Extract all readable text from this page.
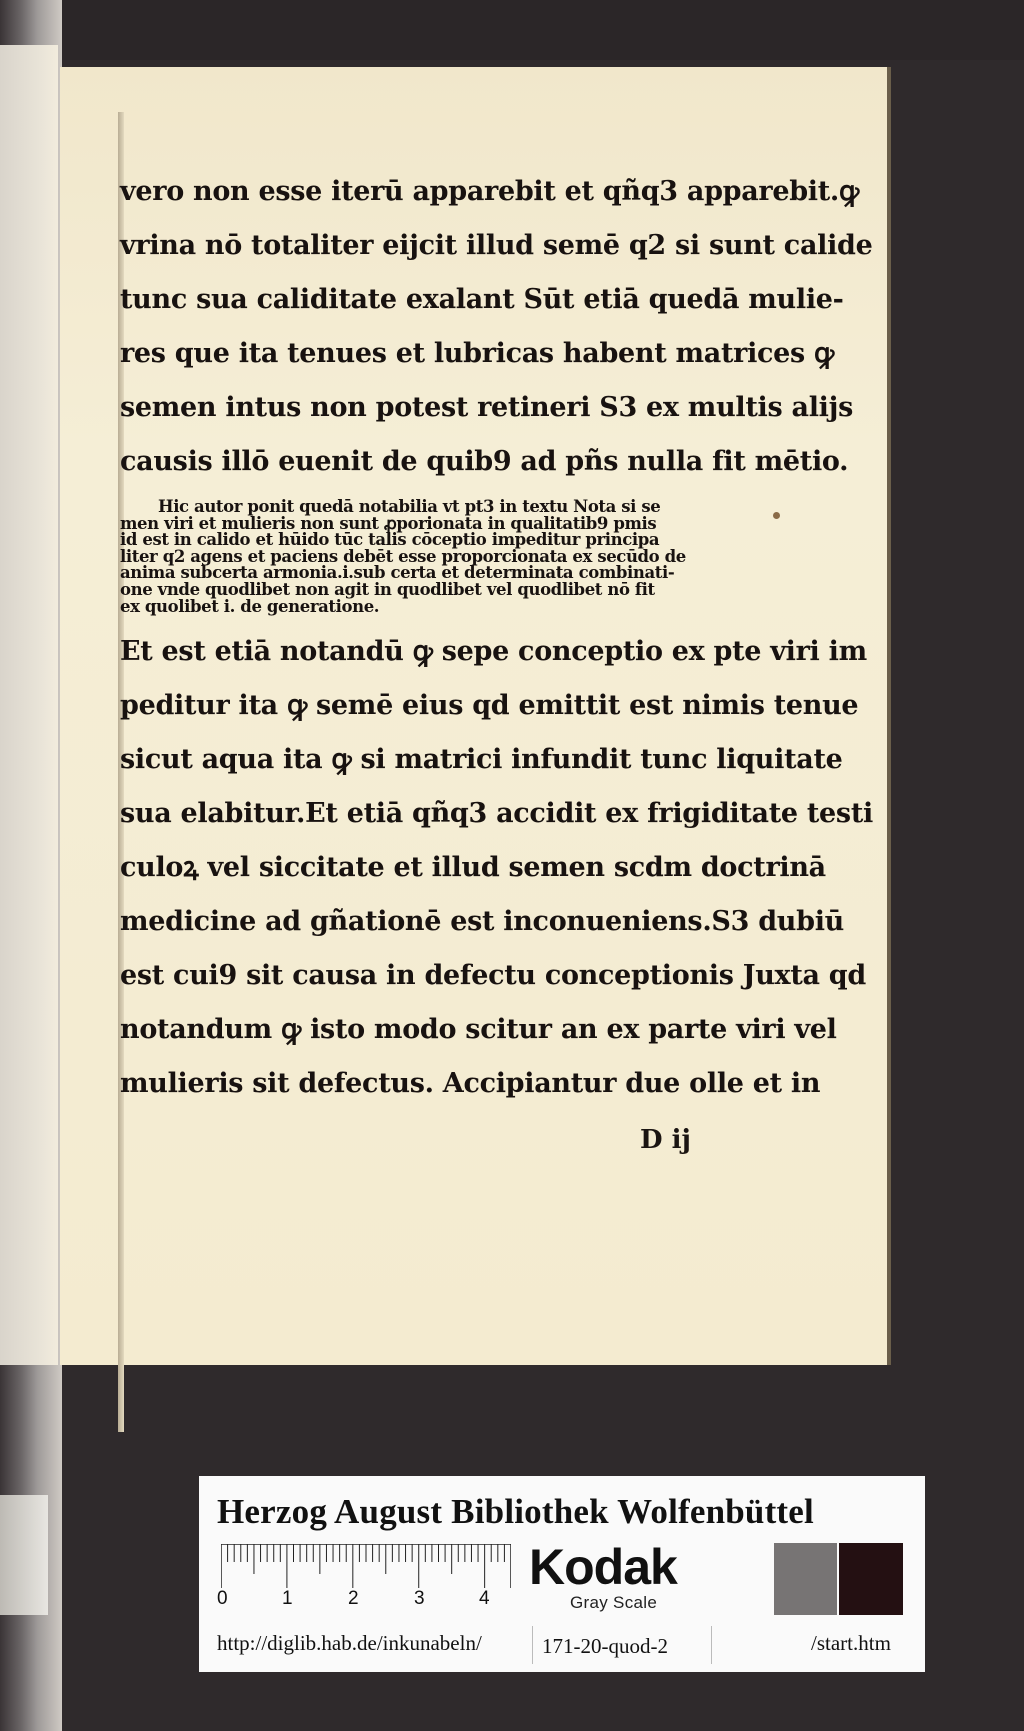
vero non esse iterū apparebit et qñq3 apparebit.ꝙ
vrina nō totaliter eijcit illud semē q2 si sunt calide
tunc sua caliditate exalant Sūt etiā quedā mulie-
res que ita tenues et lubricas habent matrices ꝙ
semen intus non potest retineri S3 ex multis alijs
causis illō euenit de quib9 ad pñs nulla fit mētio.
Hic autor ponit quedā notabilia vt pt3 in textu Nota si se
men viri et mulieris non sunt ꝓporionata in qualitatib9 pmis
id est in calido et hūido tūc talis cōceptio impeditur principa
liter q2 agens et paciens debēt esse proporcionata ex secūdo de
anima subcerta armonia.i.sub certa et determinata combinati-
one vnde quodlibet non agit in quodlibet vel quodlibet nō fit
ex quolibet i. de generatione.
Et est etiā notandū ꝙ sepe conceptio ex pte viri im
peditur ita ꝙ semē eius qd emittit est nimis tenue
sicut aqua ita ꝙ si matrici infundit tunc liquitate
sua elabitur.Et etiā qñq3 accidit ex frigiditate testi
culoꝝ vel siccitate et illud semen scdm doctrinā
medicine ad gñationē est inconueniens.S3 dubiū
est cui9 sit causa in defectu conceptionis Juxta qd
notandum ꝙ isto modo scitur an ex parte viri vel
mulieris sit defectus. Accipiantur due olle et in
D ij
Herzog August Bibliothek Wolfenbüttel
0	1	2	3	4
Kodak
Gray Scale
http://diglib.hab.de/inkunabeln/	171-20-quod-2	/start.htm
